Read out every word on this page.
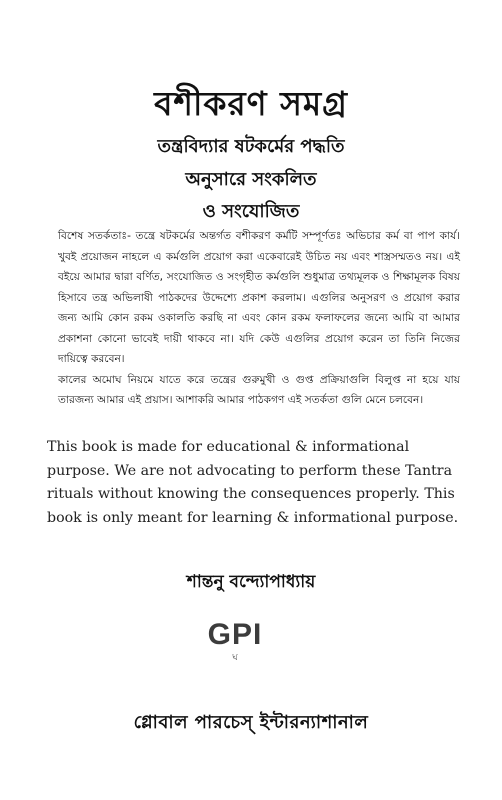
বশীকরণ সমগ্র
তন্ত্রবিদ্যার ষটকর্মের পদ্ধতি
অনুসারে সংকলিত
ও সংযোজিত

বিশেষ সতর্কতাঃ- তন্ত্রে ষটকর্মের অন্তর্গত বশীকরণ কর্মটি সম্পূর্ণতঃ অভিচার কর্ম বা পাপ কার্য। খুবই প্রয়োজন নাহলে এ কর্মগুলি প্রয়োগ করা একেবারেই উচিত নয় এবং শাস্ত্রসম্মতও নয়। এই বইয়ে আমার দ্বারা বর্ণিত, সংযোজিত ও সংগৃহীত কর্মগুলি শুধুমাত্র তথ্যমূলক ও শিক্ষামূলক বিষয় হিসাবে তন্ত্র অভিলাষী পাঠকদের উদ্দেশ্যে প্রকাশ করলাম। এগুলির অনুসরণ ও প্রয়োগ করার জন্য আমি কোন রকম ওকালতি করছি না এবং কোন রকম ফলাফলের জন্যে আমি বা আমার প্রকাশনা কোনো ভাবেই দায়ী থাকবে না। যদি কেউ এগুলির প্রয়োগ করেন তা তিনি নিজের দায়িত্বে করবেন।

কালের অমোঘ নিয়মে যাতে করে তন্ত্রের গুরুমুখী ও গুপ্ত প্রক্রিয়াগুলি বিলুপ্ত না হয়ে যায় তারজন্য আমার এই প্রয়াস। আশাকরি আমার পাঠকগণ এই সতর্কতা গুলি মেনে চলবেন।

This book is made for educational & informational purpose. We are not advocating to perform these Tantra rituals without knowing the consequences properly. This book is only meant for learning & informational purpose.
শান্তনু বন্দ্যোপাধ্যায়
GPI
ঘ
গ্লোবাল পারচেস্ ইন্টারন্যাশানাল
